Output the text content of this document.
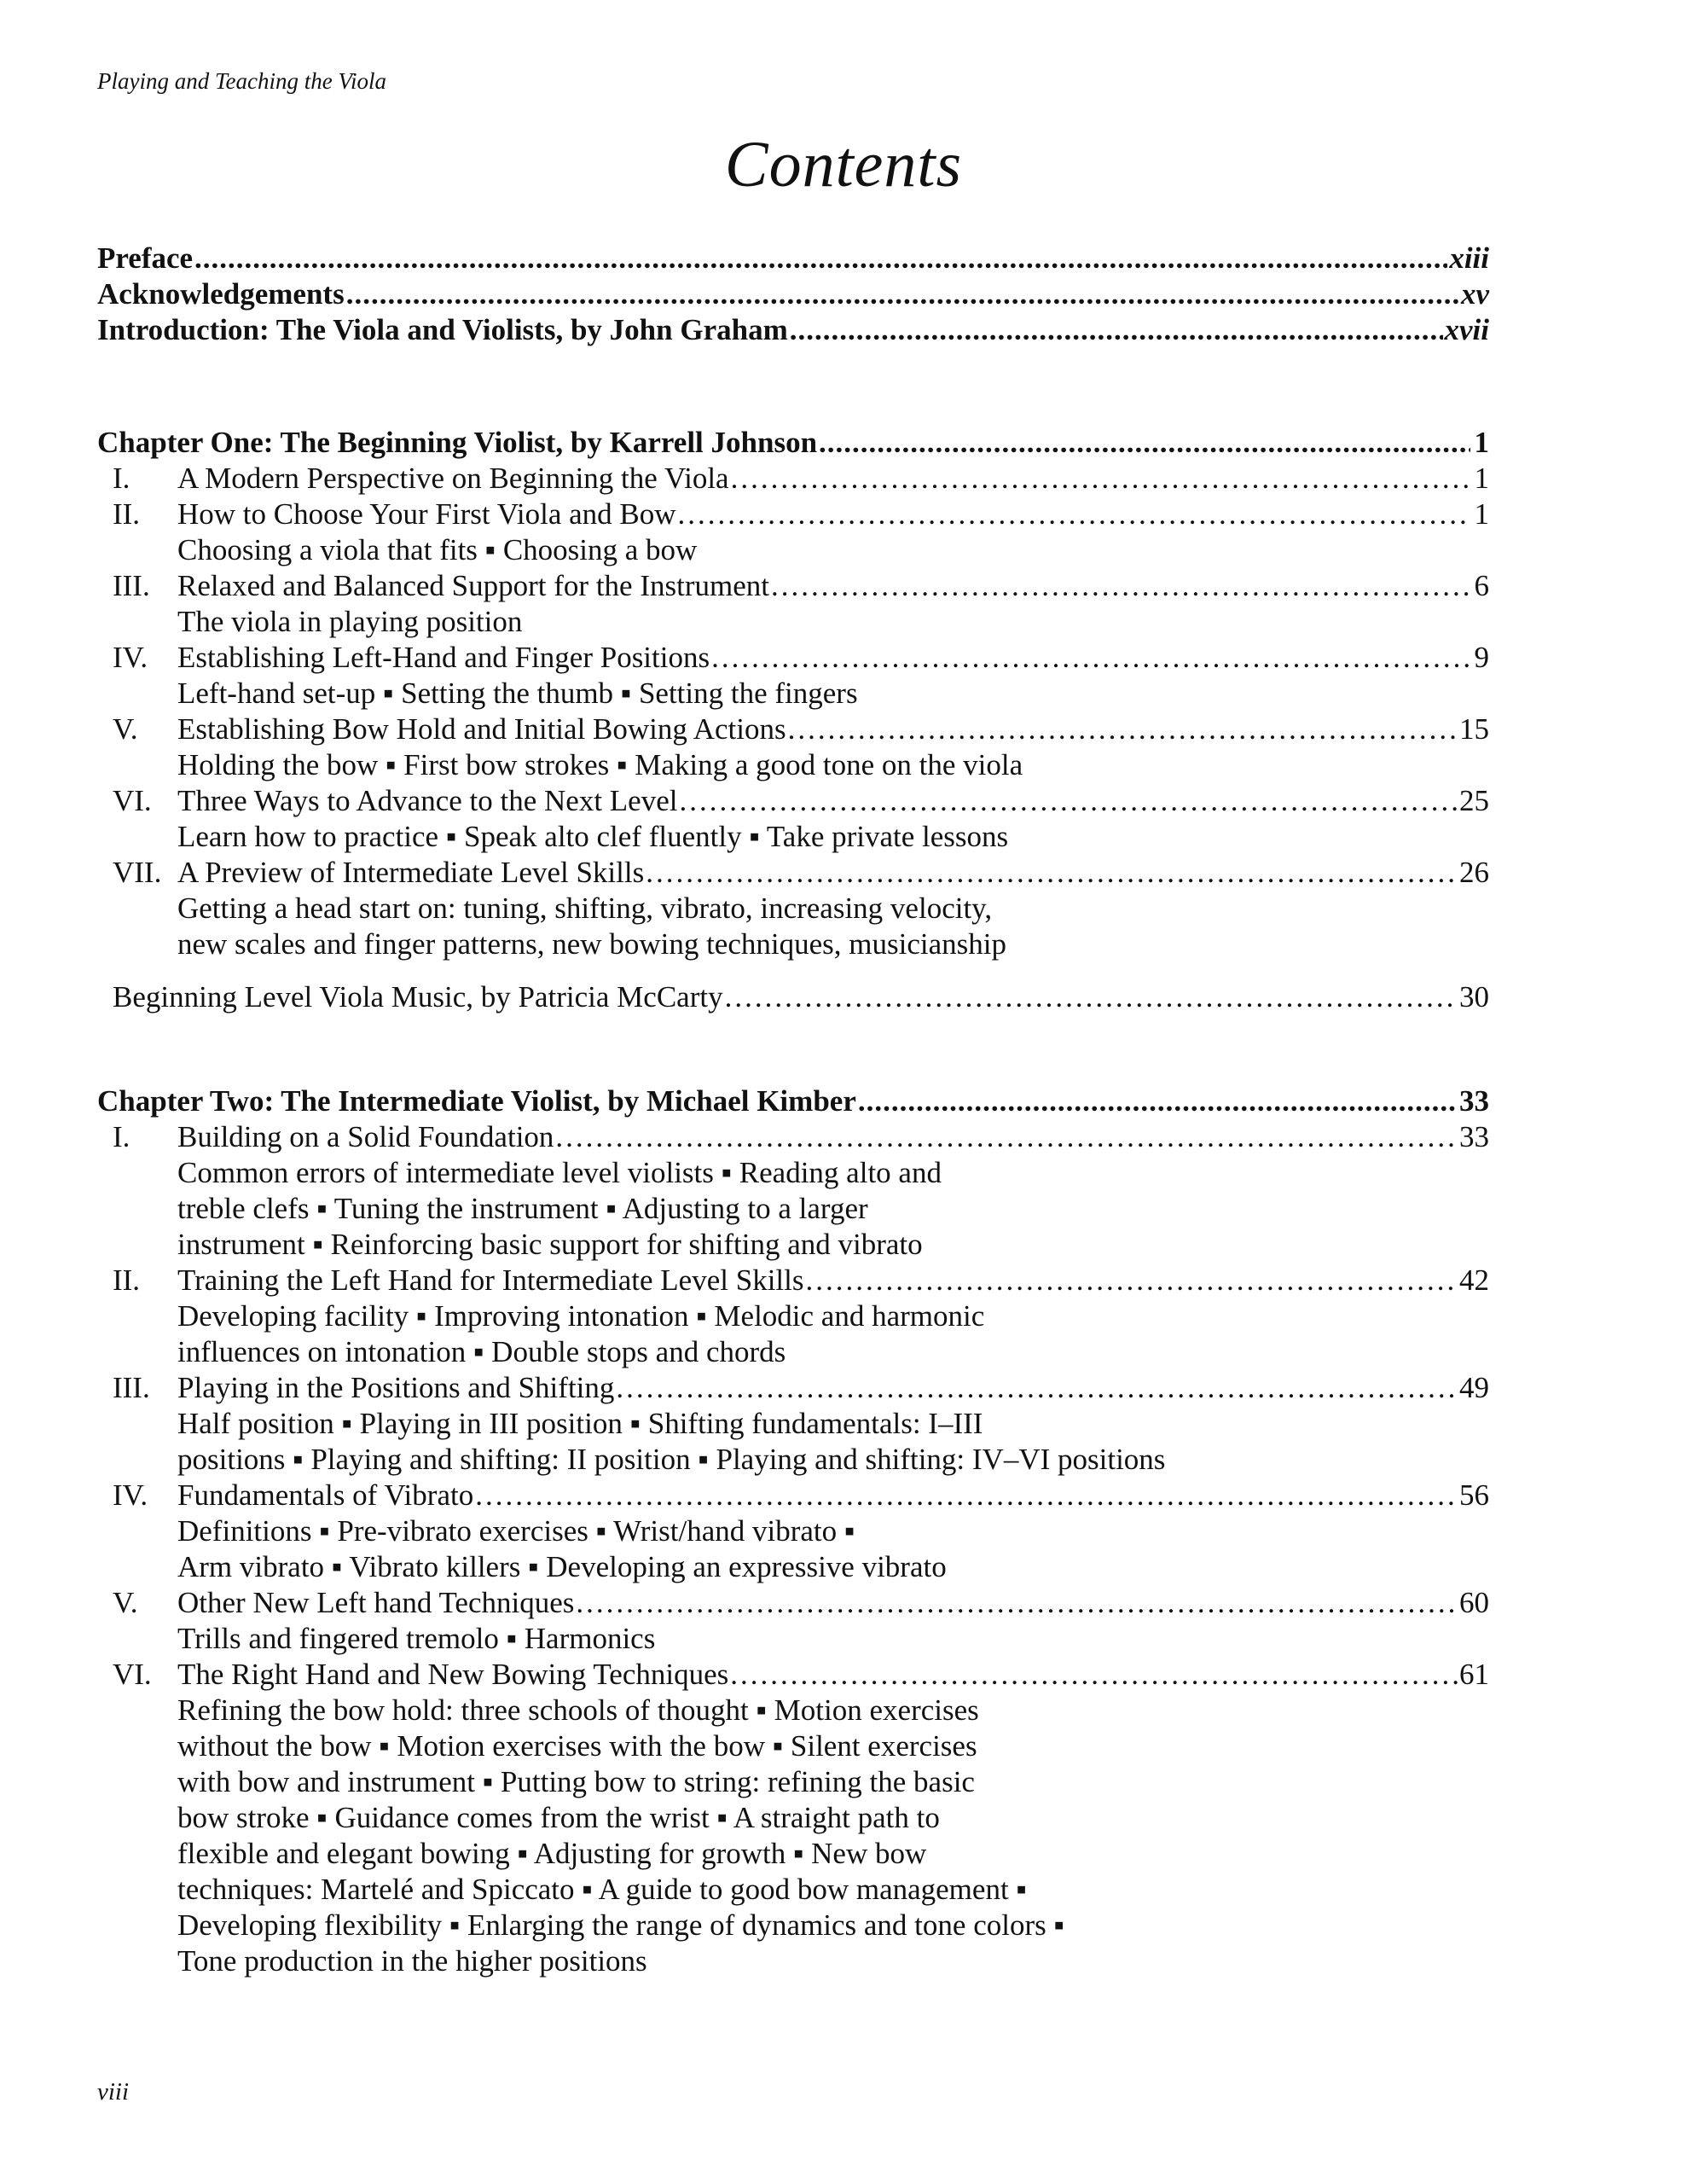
Playing and Teaching the Viola
Contents
Preface .....	xiii
Acknowledgements .....	xv
Introduction: The Viola and Violists, by John Graham .....	xvii
Chapter One: The Beginning Violist, by Karrell Johnson .....	1
I.	A Modern Perspective on Beginning the Viola .....	1
II.	How to Choose Your First Viola and Bow .....	1
Choosing a viola that fits ▪ Choosing a bow
III. Relaxed and Balanced Support for the Instrument .....	6
The viola in playing position
IV. Establishing Left-Hand and Finger Positions .....	9
Left-hand set-up ▪ Setting the thumb ▪ Setting the fingers
V.	Establishing Bow Hold and Initial Bowing Actions .....	15
Holding the bow ▪ First bow strokes ▪ Making a good tone on the viola
VI. Three Ways to Advance to the Next Level .....	25
Learn how to practice ▪ Speak alto clef fluently ▪ Take private lessons
VII. A Preview of Intermediate Level Skills .....	26
Getting a head start on: tuning, shifting, vibrato, increasing velocity,
new scales and finger patterns, new bowing techniques, musicianship
Beginning Level Viola Music, by Patricia McCarty .....	30
Chapter Two: The Intermediate Violist, by Michael Kimber .....	33
I.	Building on a Solid Foundation .....	33
Common errors of intermediate level violists ▪ Reading alto and
treble clefs ▪ Tuning the instrument ▪ Adjusting to a larger
instrument ▪ Reinforcing basic support for shifting and vibrato
II.	Training the Left Hand for Intermediate Level Skills .....	42
Developing facility ▪ Improving intonation ▪ Melodic and harmonic
influences on intonation ▪ Double stops and chords
III. Playing in the Positions and Shifting .....	49
Half position ▪ Playing in III position ▪ Shifting fundamentals: I–III
positions ▪ Playing and shifting: II position ▪ Playing and shifting: IV–VI positions
IV. Fundamentals of Vibrato .....	56
Definitions ▪ Pre-vibrato exercises ▪ Wrist/hand vibrato ▪
Arm vibrato ▪ Vibrato killers ▪ Developing an expressive vibrato
V.	Other New Left hand Techniques .....	60
Trills and fingered tremolo ▪ Harmonics
VI. The Right Hand and New Bowing Techniques .....	61
Refining the bow hold: three schools of thought ▪ Motion exercises
without the bow ▪ Motion exercises with the bow ▪ Silent exercises
with bow and instrument ▪ Putting bow to string: refining the basic
bow stroke ▪ Guidance comes from the wrist ▪ A straight path to
flexible and elegant bowing ▪ Adjusting for growth ▪ New bow
techniques: Martelé and Spiccato ▪ A guide to good bow management ▪
Developing flexibility ▪ Enlarging the range of dynamics and tone colors ▪
Tone production in the higher positions
viii
